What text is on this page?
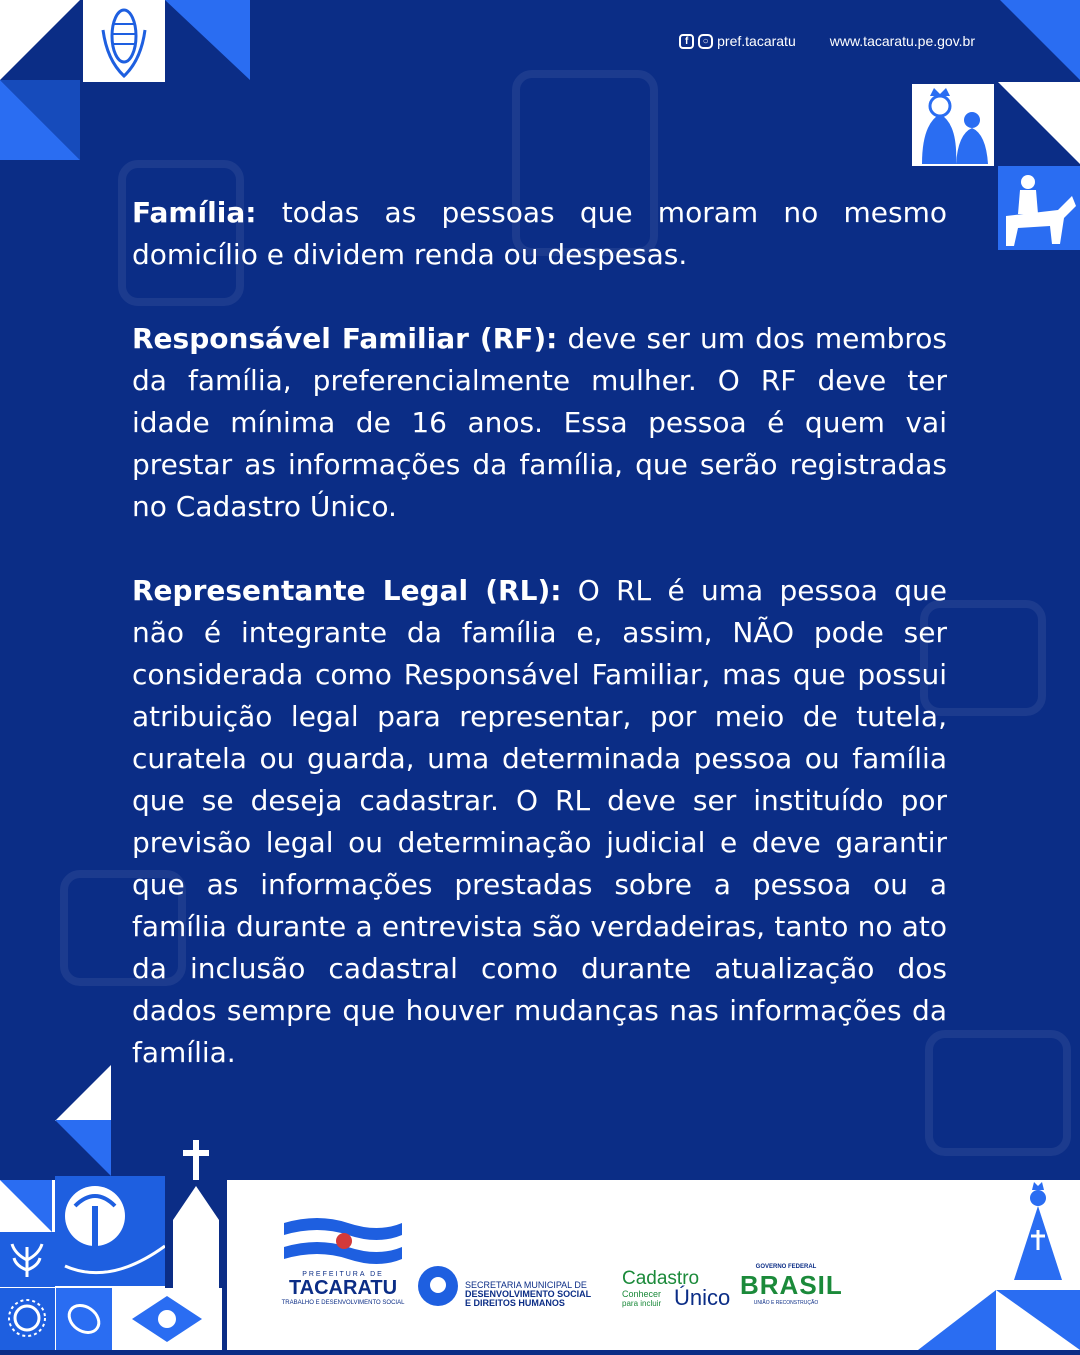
f	○ pref.tacaratu www.tacaratu.pe.gov.br

Família: todas as pessoas que moram no mesmo domicílio e dividem renda ou despesas.

Responsável Familiar (RF): deve ser um dos membros da família, preferencialmente mulher. O RF deve ter idade mínima de 16 anos. Essa pessoa é quem vai prestar as informações da família, que serão registradas no Cadastro Único.

Representante Legal (RL): O RL é uma pessoa que não é integrante da família e, assim, NÃO pode ser considerada como Responsável Familiar, mas que possui atribuição legal para representar, por meio de tutela, curatela ou guarda, uma determinada pessoa ou família que se deseja cadastrar. O RL deve ser instituído por previsão legal ou determinação judicial e deve garantir que as informações prestadas sobre a pessoa ou a família durante a entrevista são verdadeiras, tanto no ato da inclusão cadastral como durante atualização dos dados sempre que houver mudanças nas informações da família.

PREFEITURA DE
TACARATU
TRABALHO E DESENVOLVIMENTO SOCIAL
SECRETARIA MUNICIPAL DE
DESENVOLVIMENTO SOCIAL
E DIREITOS HUMANOS
Cadastro
Conhecer
para incluir Único
GOVERNO FEDERAL
BRASIL
UNIÃO E RECONSTRUÇÃO
